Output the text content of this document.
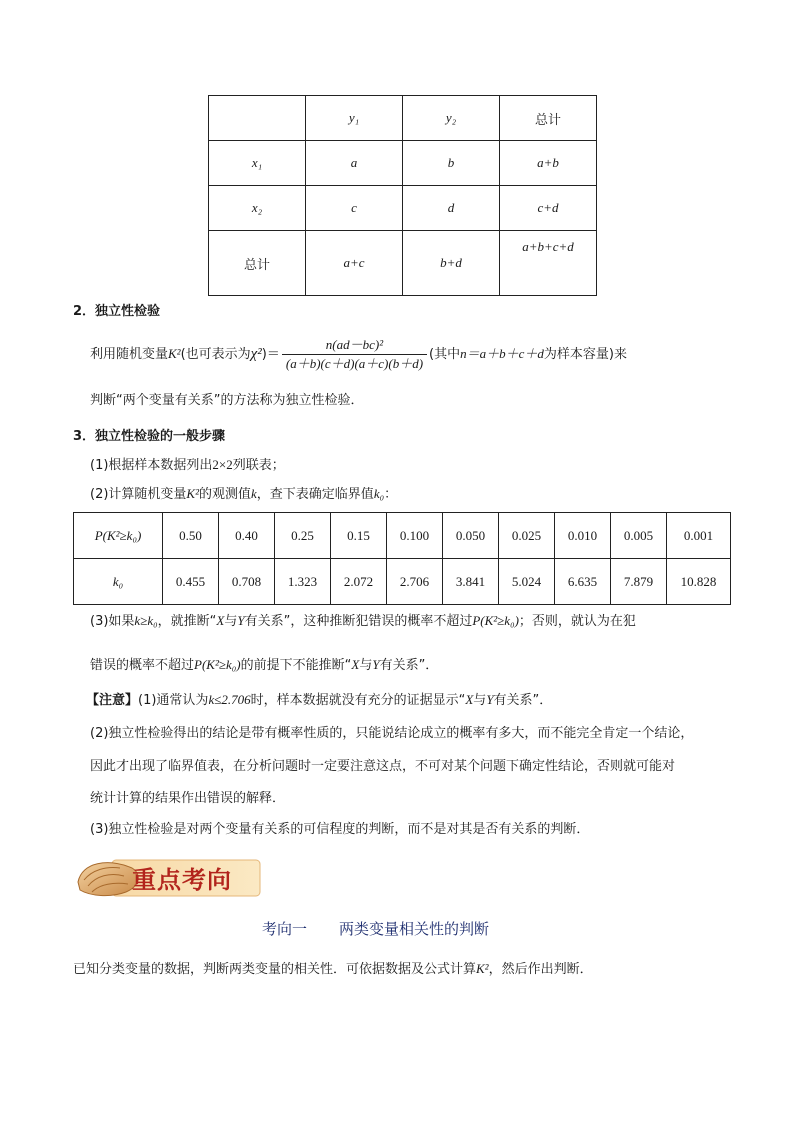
	y₁	y₂	总计
x₁	a	b	a+b
x₂	c	d	c+d
总计	a+c	b+d	a+b+c+d
2．独立性检验
利用随机变量K²(也可表示为$\chi^2)= \frac{\text{n(ad－bc)²}}{(a+b)(c+d)(a+c)(b+d)}$ (其中n＝a＋b＋c＋d为样本容量)来
判断“两个变量有关系”的方法称为独立性检验．
3．独立性检验的一般步骤
(1)根据样本数据列出2×2列联表；
(2)计算随机变量K²的观测值k，查下表确定临界值k₀：
P(K²≥k₀)	0.50	0.40	0.25	0.15	0.100	0.050	0.025	0.010	0.005	0.001
k₀	0.455	0.708	1.323	2.072	2.706	3.841	5.024	6.635	7.879	10.828
(3)如果k≥k₀，就推断“X与Y有关系”，这种推断犯错误的概率不超过P(K²≥k₀)；否则，就认为在犯
错误的概率不超过P(K²≥k₀)的前提下不能推断“X与Y有关系”．
【注意】(1)通常认为k≤2.706时，样本数据就没有充分的证据显示“X与Y有关系”．
(2)独立性检验得出的结论是带有概率性质的，只能说结论成立的概率有多大，而不能完全肯定一个结论，
因此才出现了临界值表，在分析问题时一定要注意这点，不可对某个问题下确定性结论，否则就可能对
统计计算的结果作出错误的解释．
(3)独立性检验是对两个变量有关系的可信程度的判断，而不是对其是否有关系的判断．
重点考向
考向一 两类变量相关性的判断
已知分类变量的数据，判断两类变量的相关性．可依据数据及公式计算K²，然后作出判断．
